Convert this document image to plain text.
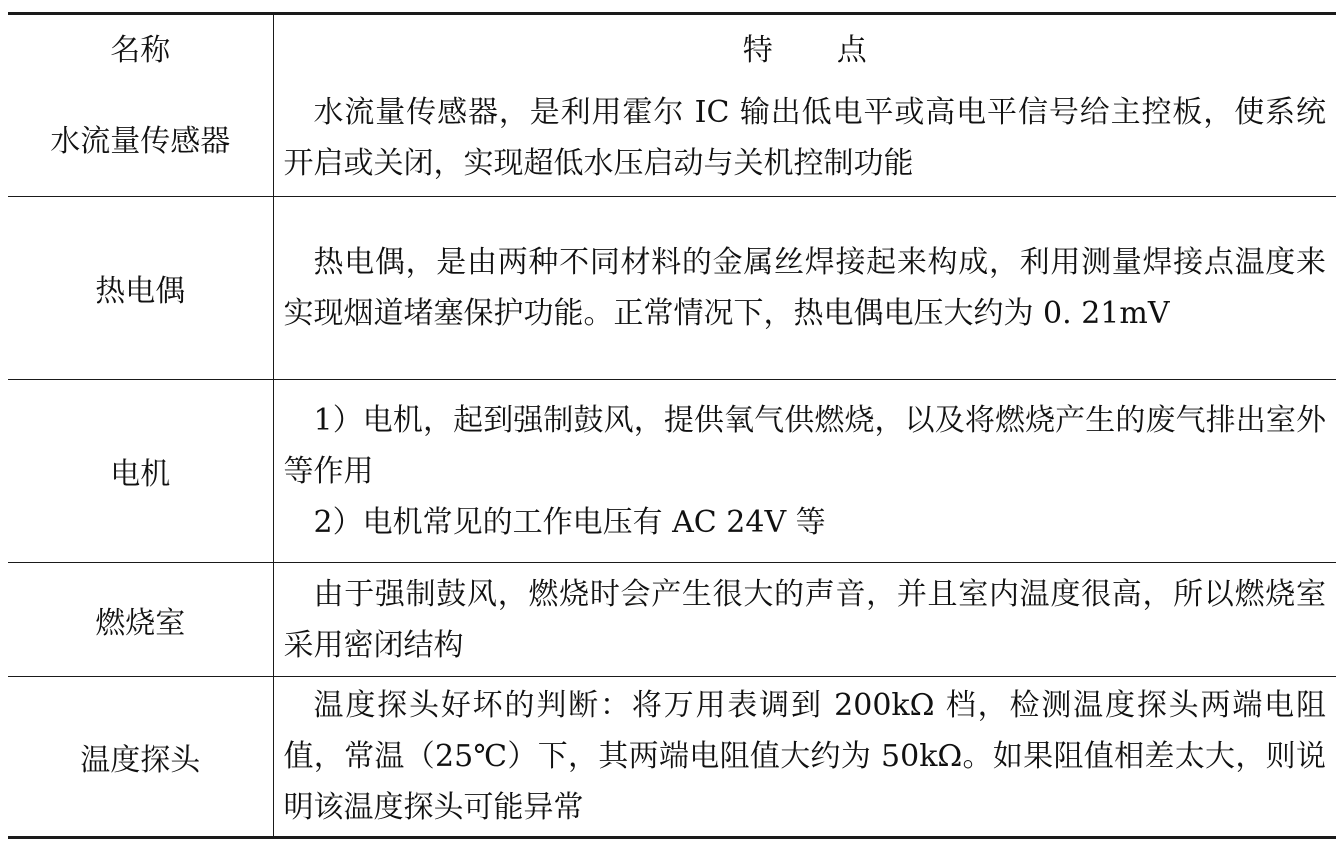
名称	特点
水流量传感器	水流量传感器，是利用霍尔 IC 输出低电平或高电平信号给主控板，使系统开启或关闭，实现超低水压启动与关机控制功能

热电偶	热电偶，是由两种不同材料的金属丝焊接起来构成，利用测量焊接点温度来实现烟道堵塞保护功能。正常情况下，热电偶电压大约为 0. 21mV

电机	1）电机，起到强制鼓风，提供氧气供燃烧，以及将燃烧产生的废气排出室外等作用
2）电机常见的工作电压有 AC 24V 等

燃烧室	由于强制鼓风，燃烧时会产生很大的声音，并且室内温度很高，所以燃烧室采用密闭结构

温度探头	温度探头好坏的判断：将万用表调到 200kΩ 档，检测温度探头两端电阻值，常温（25℃）下，其两端电阻值大约为 50kΩ。如果阻值相差太大，则说明该温度探头可能异常
